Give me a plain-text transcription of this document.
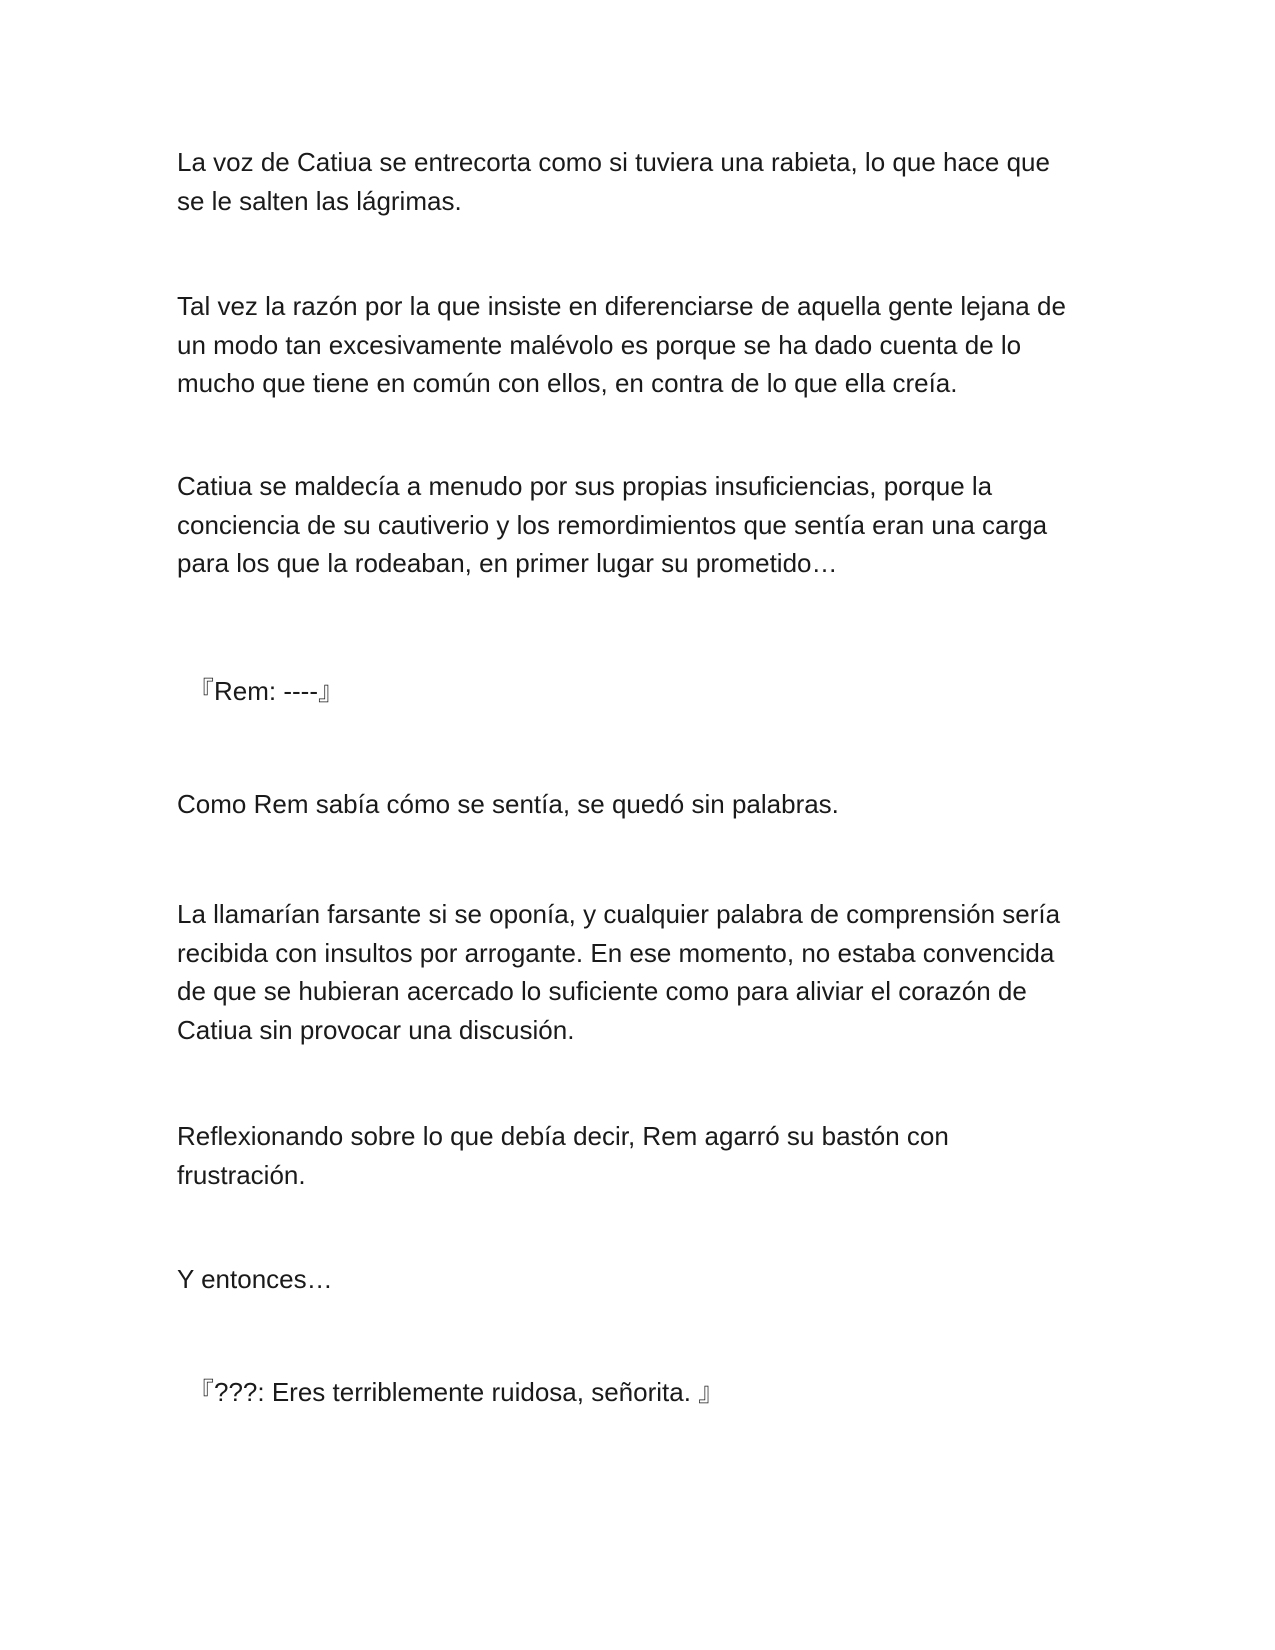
La voz de Catiua se entrecorta como si tuviera una rabieta, lo que hace que
se le salten las lágrimas.

Tal vez la razón por la que insiste en diferenciarse de aquella gente lejana de
un modo tan excesivamente malévolo es porque se ha dado cuenta de lo
mucho que tiene en común con ellos, en contra de lo que ella creía.

Catiua se maldecía a menudo por sus propias insuficiencias, porque la
conciencia de su cautiverio y los remordimientos que sentía eran una carga
para los que la rodeaban, en primer lugar su prometido…

『Rem: ----』

Como Rem sabía cómo se sentía, se quedó sin palabras.

La llamarían farsante si se oponía, y cualquier palabra de comprensión sería
recibida con insultos por arrogante. En ese momento, no estaba convencida
de que se hubieran acercado lo suficiente como para aliviar el corazón de
Catiua sin provocar una discusión.

Reflexionando sobre lo que debía decir, Rem agarró su bastón con
frustración.

Y entonces…

『???: Eres terriblemente ruidosa, señorita. 』
